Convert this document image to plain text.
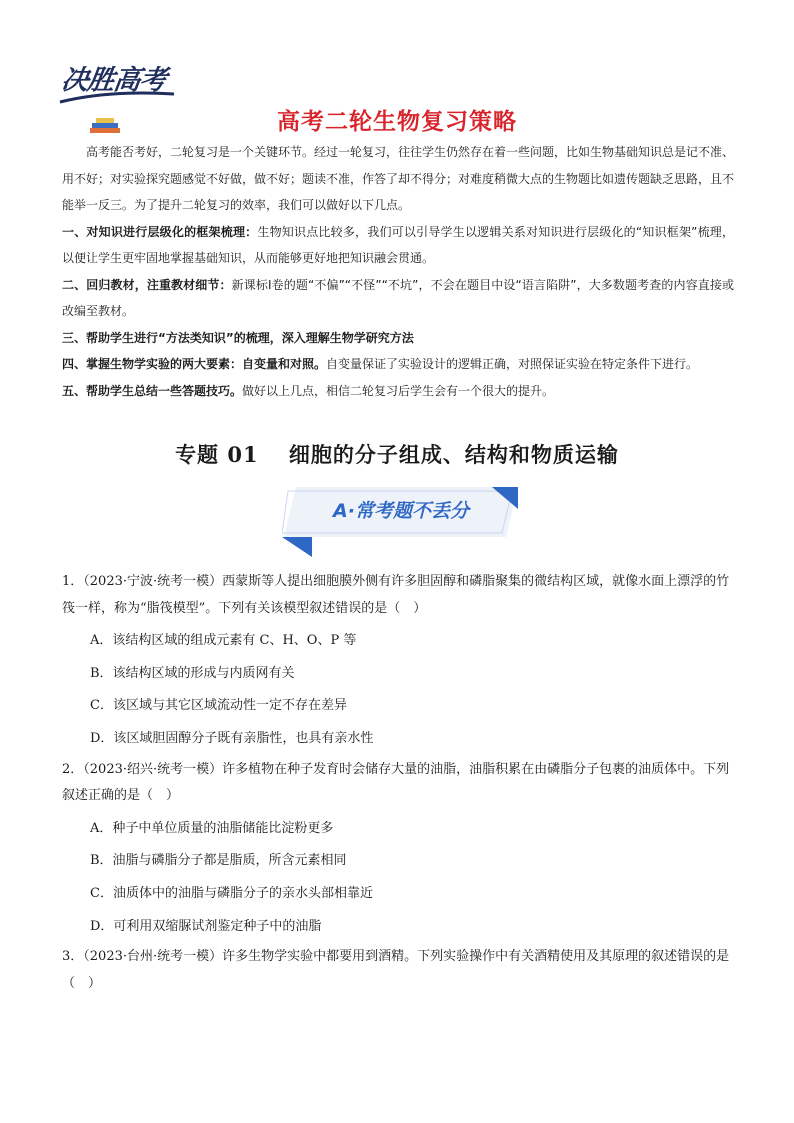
决胜高考
高考二轮生物复习策略

高考能否考好，二轮复习是一个关键环节。经过一轮复习，往往学生仍然存在着一些问题，比如生物基础知识总是记不准、用不好；对实验探究题感觉不好做，做不好；题读不准，作答了却不得分；对难度稍微大点的生物题比如遗传题缺乏思路，且不能举一反三。为了提升二轮复习的效率，我们可以做好以下几点。

一、对知识进行层级化的框架梳理：生物知识点比较多，我们可以引导学生以逻辑关系对知识进行层级化的“知识框架”梳理，以便让学生更牢固地掌握基础知识，从而能够更好地把知识融会贯通。

二、回归教材，注重教材细节：新课标Ⅰ卷的题“不偏”“不怪”“不坑”，不会在题目中设“语言陷阱”，大多数题考查的内容直接或改编至教材。

三、帮助学生进行“方法类知识”的梳理，深入理解生物学研究方法

四、掌握生物学实验的两大要素：自变量和对照。自变量保证了实验设计的逻辑正确，对照保证实验在特定条件下进行。

五、帮助学生总结一些答题技巧。做好以上几点，相信二轮复习后学生会有一个很大的提升。

专题 01　 细胞的分子组成、结构和物质运输
A·常考题不丢分

1．（2023·宁波·统考一模）西蒙斯等人提出细胞膜外侧有许多胆固醇和磷脂聚集的微结构区域，就像水面上漂浮的竹筏一样，称为“脂筏模型”。下列有关该模型叙述错误的是（　）

A．该结构区域的组成元素有 C、H、O、P 等

B．该结构区域的形成与内质网有关

C．该区域与其它区域流动性一定不存在差异

D．该区域胆固醇分子既有亲脂性，也具有亲水性

2．（2023·绍兴·统考一模）许多植物在种子发育时会储存大量的油脂，油脂积累在由磷脂分子包裹的油质体中。下列叙述正确的是（　）

A．种子中单位质量的油脂储能比淀粉更多

B．油脂与磷脂分子都是脂质，所含元素相同

C．油质体中的油脂与磷脂分子的亲水头部相靠近

D．可利用双缩脲试剂鉴定种子中的油脂

3．（2023·台州·统考一模）许多生物学实验中都要用到酒精。下列实验操作中有关酒精使用及其原理的叙述错误的是（　）
